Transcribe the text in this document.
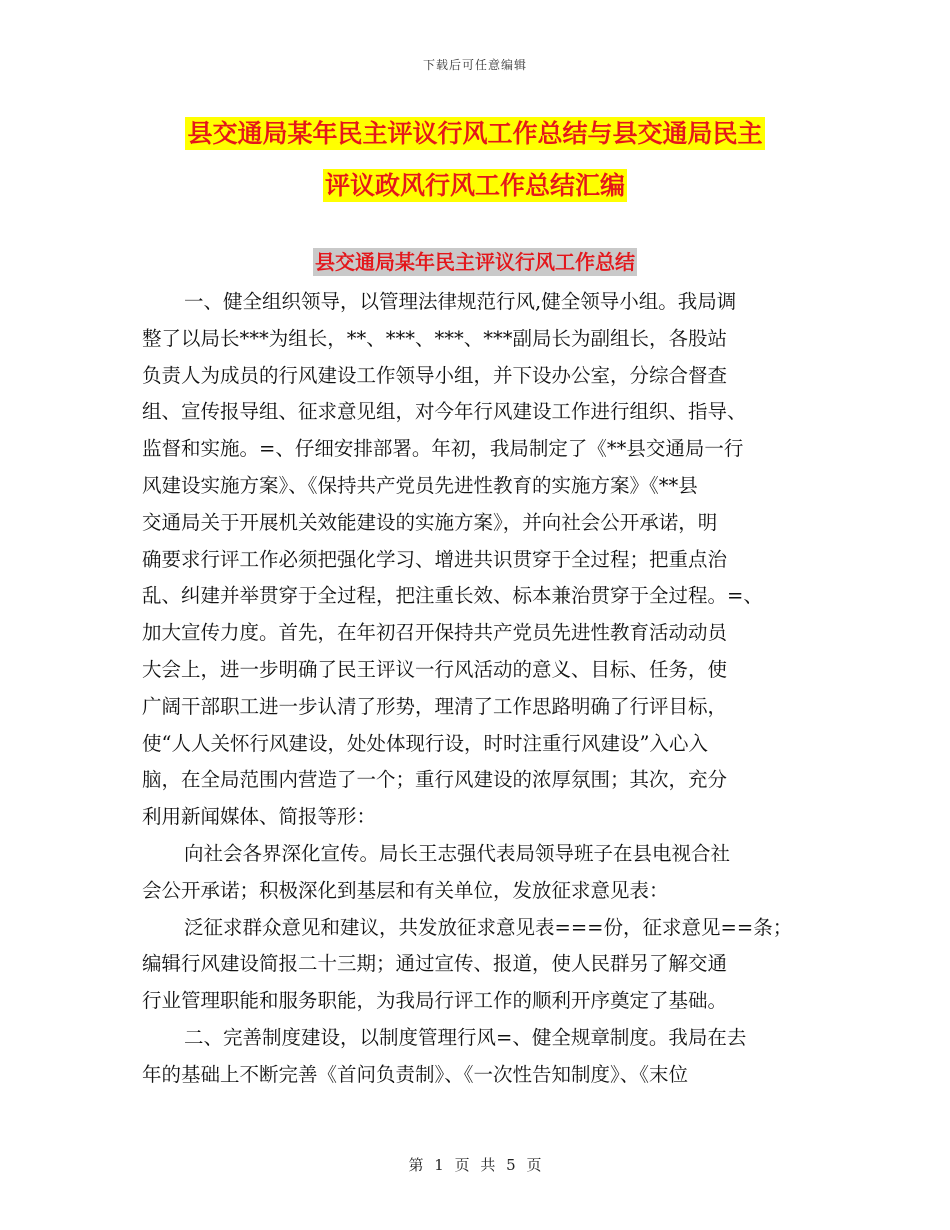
下载后可任意编辑
县交通局某年民主评议行风工作总结与县交通局民主
评议政风行风工作总结汇编
县交通局某年民主评议行风工作总结
一、健全组织领导，以管理法律规范行风,健全领导小组。我局调
整了以局长***为组长，**、***、***、***副局长为副组长，各股站
负责人为成员的行风建设工作领导小组，并下设办公室，分综合督查
组、宣传报导组、征求意见组，对今年行风建设工作进行组织、指导、
监督和实施。=、仔细安排部署。年初，我局制定了《**县交通局一行
风建设实施方案》、《保持共产党员先进性教育的实施方案》《**县
交通局关于开展机关效能建设的实施方案》，并向社会公开承诺，明
确要求行评工作必须把强化学习、增进共识贯穿于全过程；把重点治
乱、纠建并举贯穿于全过程，把注重长效、标本兼治贯穿于全过程。=、
加大宣传力度。首先，在年初召开保持共产党员先进性教育活动动员
大会上，进一步明确了民王评议一行风活动的意义、目标、任务，使
广阔干部职工进一步认清了形势，理清了工作思路明确了行评目标，
使“人人关怀行风建设，处处体现行设，时时注重行风建设”入心入
脑，在全局范围内营造了一个；重行风建设的浓厚氛围；其次，充分
利用新闻媒体、简报等形：
向社会各界深化宣传。局长王志强代表局领导班子在县电视合社
会公开承诺；积极深化到基层和有关单位，发放征求意见表：
泛征求群众意见和建议，共发放征求意见表===份，征求意见==条；
编辑行风建设简报二十三期；通过宣传、报道，使人民群另了解交通
行业管理职能和服务职能，为我局行评工作的顺利开序奠定了基础。
二、完善制度建设，以制度管理行风=、健全规章制度。我局在去
年的基础上不断完善《首问负责制》、《一次性告知制度》、《末位
第 1 页 共 5 页
